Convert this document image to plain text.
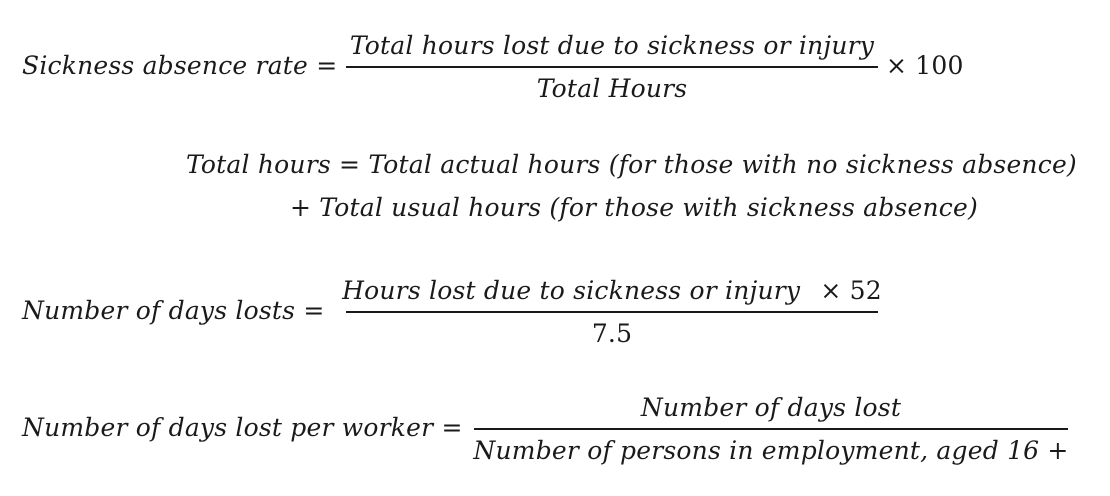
Sickness absence rate =
Total hours lost due to sickness or injury
Total Hours
× 100
Total hours = Total actual hours (for those with no sickness absence)
+ Total usual hours (for those with sickness absence)
Number of days losts =
Hours lost due to sickness or injury × 52
7.5
Number of days lost per worker =
Number of days lost
Number of persons in employment, aged 16 +
